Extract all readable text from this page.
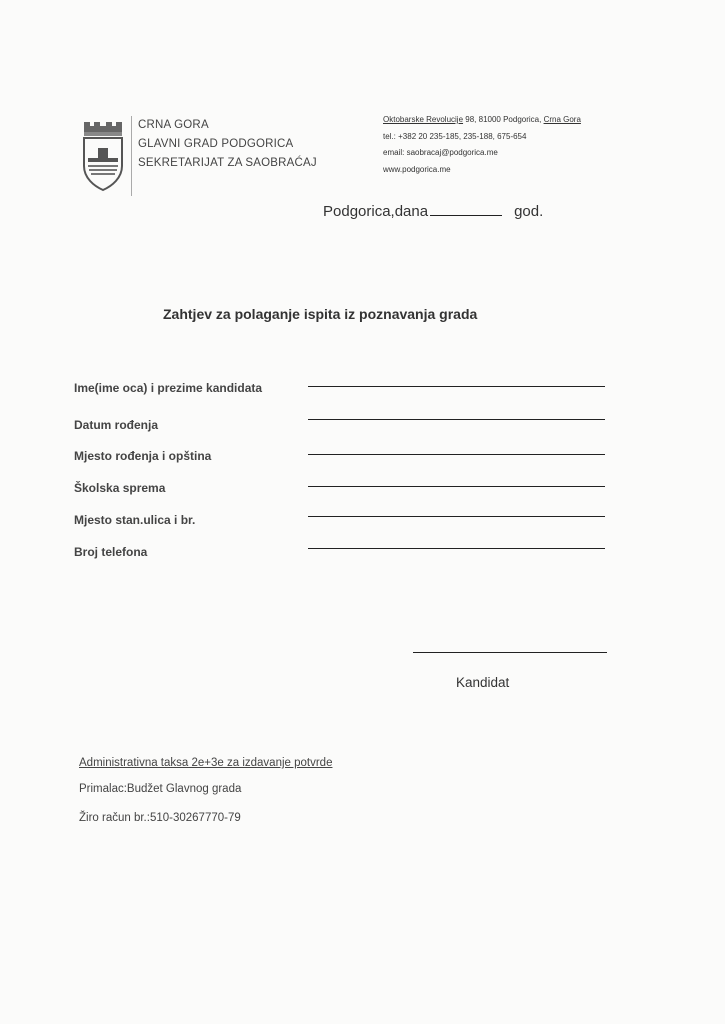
CRNA GORA
GLAVNI GRAD PODGORICA
SEKRETARIJAT ZA SAOBRAĆAJ
Oktobarske Revolucije 98, 81000 Podgorica, Crna Gora
tel.: +382 20 235-185, 235-188, 675-654
email: saobracaj@podgorica.me
www.podgorica.me
Podgorica,dana	god.
Zahtjev za polaganje ispita iz poznavanja grada
Ime(ime oca) i prezime kandidata
Datum rođenja
Mjesto rođenja i opština
Školska sprema
Mjesto stan.ulica i br.
Broj telefona
Kandidat
Administrativna taksa 2e+3e za izdavanje potvrde
Primalac:Budžet Glavnog grada
Žiro račun br.:510-30267770-79
